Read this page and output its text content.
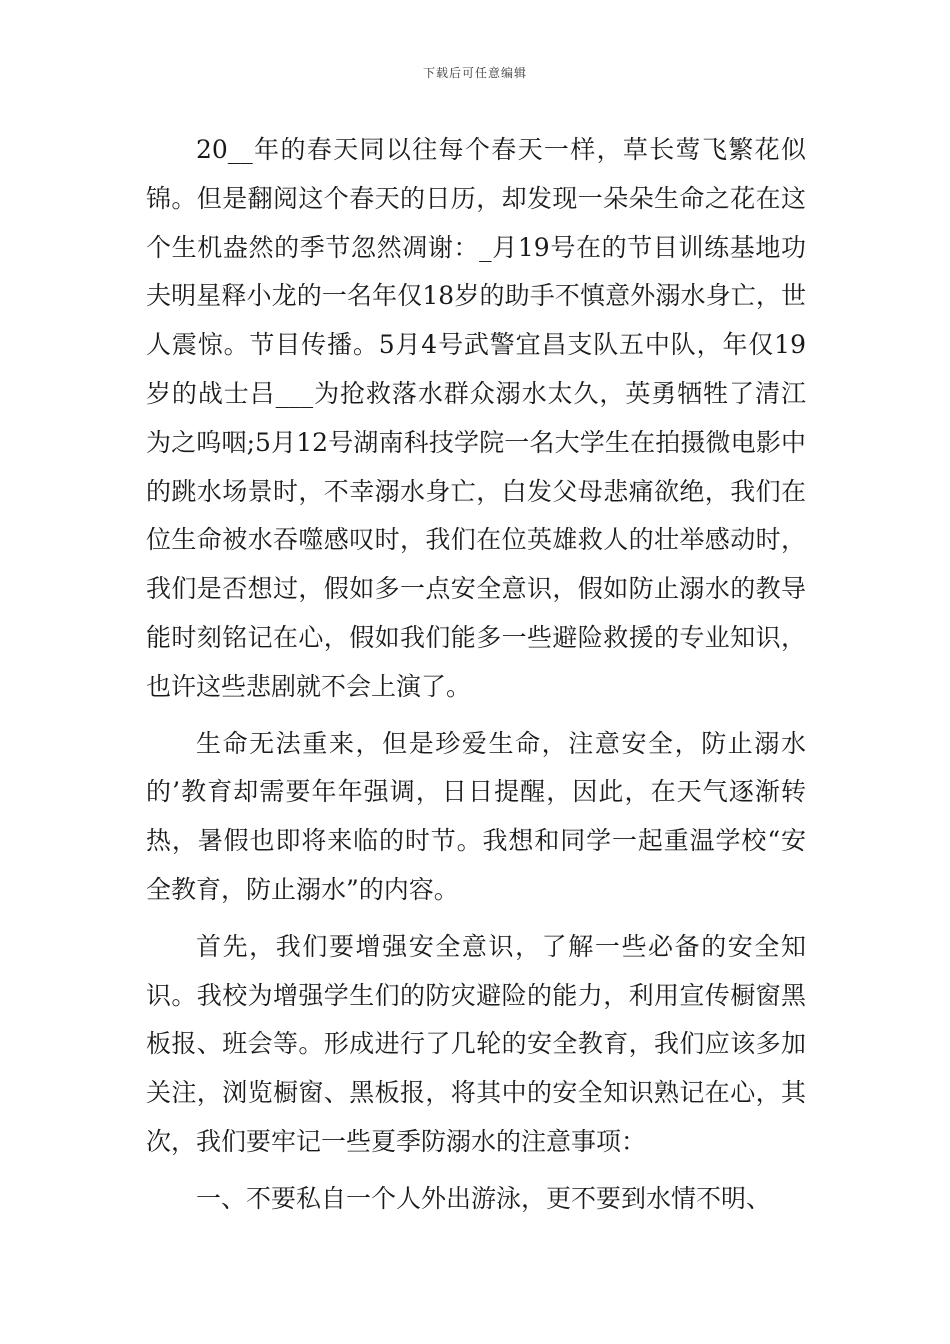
下载后可任意编辑

20__年的春天同以往每个春天一样，草长莺飞繁花似锦。但是翻阅这个春天的日历，却发现一朵朵生命之花在这个生机盎然的季节忽然凋谢：_月19号在的节目训练基地功夫明星释小龙的一名年仅18岁的助手不慎意外溺水身亡，世人震惊。节目传播。5月4号武警宜昌支队五中队，年仅19岁的战士吕___为抢救落水群众溺水太久，英勇牺牲了清江为之呜咽;5月12号湖南科技学院一名大学生在拍摄微电影中的跳水场景时，不幸溺水身亡，白发父母悲痛欲绝，我们在位生命被水吞噬感叹时，我们在位英雄救人的壮举感动时，我们是否想过，假如多一点安全意识，假如防止溺水的教导能时刻铭记在心，假如我们能多一些避险救援的专业知识，也许这些悲剧就不会上演了。

生命无法重来，但是珍爱生命，注意安全，防止溺水的’教育却需要年年强调，日日提醒，因此，在天气逐渐转热，暑假也即将来临的时节。我想和同学一起重温学校“安全教育，防止溺水”的内容。

首先，我们要增强安全意识，了解一些必备的安全知识。我校为增强学生们的防灾避险的能力，利用宣传橱窗黑板报、班会等。形成进行了几轮的安全教育，我们应该多加关注，浏览橱窗、黑板报，将其中的安全知识熟记在心，其次，我们要牢记一些夏季防溺水的注意事项：

一、不要私自一个人外出游泳，更不要到水情不明、
